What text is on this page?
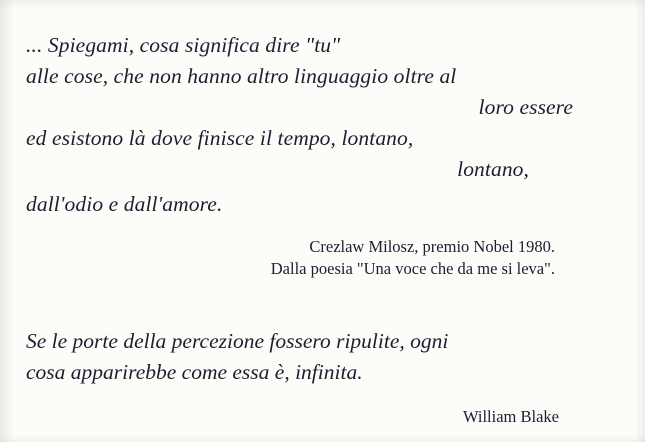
... Spiegami, cosa significa dire "tu"
alle cose, che non hanno altro linguaggio oltre al
loro essere
ed esistono là dove finisce il tempo, lontano,
lontano,
dall'odio e dall'amore.
Crezlaw Milosz, premio Nobel 1980.
Dalla poesia "Una voce che da me si leva".
Se le porte della percezione fossero ripulite, ogni
cosa apparirebbe come essa è, infinita.
William Blake
